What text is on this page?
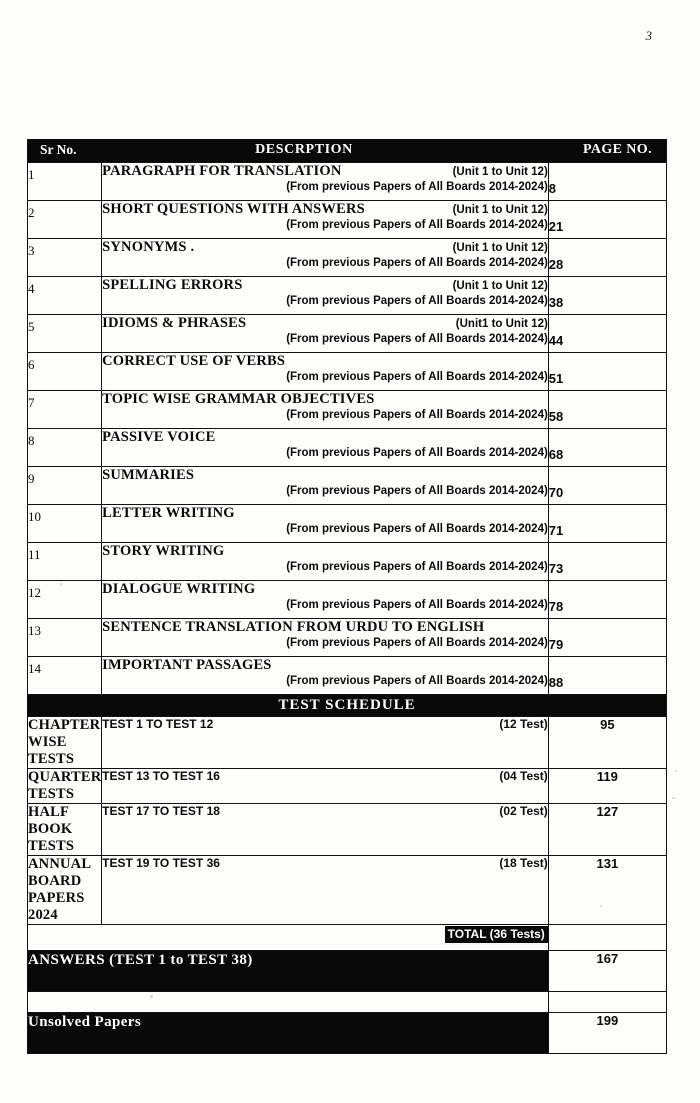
3
Sr No. DESCRPTION PAGE NO.		

1	PARAGRAPH FOR TRANSLATION (Unit 1 to Unit 12)
(From previous Papers of All Boards 2014-2024)	8

2	SHORT QUESTIONS WITH ANSWERS (Unit 1 to Unit 12)
(From previous Papers of All Boards 2014-2024)	21

3	SYNONYMS . (Unit 1 to Unit 12)
(From previous Papers of All Boards 2014-2024)	28

4	SPELLING ERRORS (Unit 1 to Unit 12)
(From previous Papers of All Boards 2014-2024)	38

5	IDIOMS & PHRASES (Unit1 to Unit 12)
(From previous Papers of All Boards 2014-2024)	44

6	CORRECT USE OF VERBS
(From previous Papers of All Boards 2014-2024)	51

7	TOPIC WISE GRAMMAR OBJECTIVES
(From previous Papers of All Boards 2014-2024)	58

8	PASSIVE VOICE
(From previous Papers of All Boards 2014-2024)	68

9	SUMMARIES
(From previous Papers of All Boards 2014-2024)	70

10	LETTER WRITING
(From previous Papers of All Boards 2014-2024)	71

11	STORY WRITING
(From previous Papers of All Boards 2014-2024)	73

12	DIALOGUE WRITING
(From previous Papers of All Boards 2014-2024)	78

13	SENTENCE TRANSLATION FROM URDU TO ENGLISH
(From previous Papers of All Boards 2014-2024)	79

14	IMPORTANT PASSAGES
(From previous Papers of All Boards 2014-2024)	88

TEST SCHEDULE		

CHAPTER WISE TESTS	TEST 1 TO TEST 12 (12 Test)	95
QUARTER TESTS	TEST 13 TO TEST 16 (04 Test)	119
HALF BOOK TESTS	TEST 17 TO TEST 18 (02 Test)	127
ANNUAL BOARD PAPERS 2024	TEST 19 TO TEST 36 (18 Test)	131
TOTAL (36 Tests)		
ANSWERS (TEST 1 to TEST 38)		167

Unsolved Papers		199
